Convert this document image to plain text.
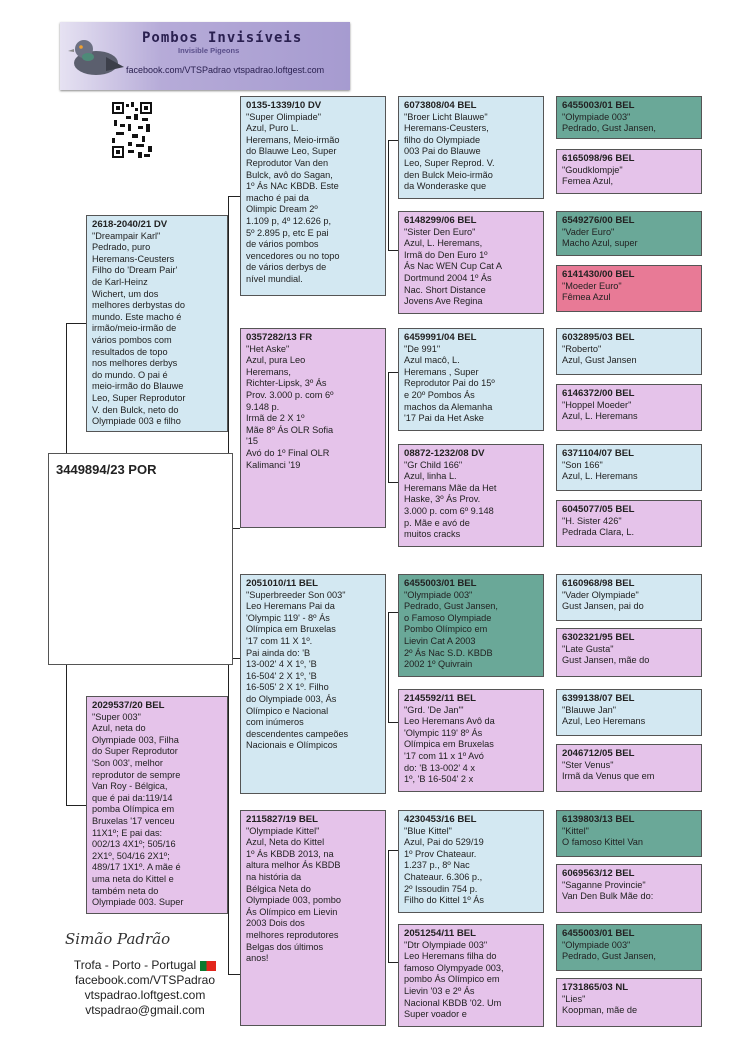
Pombos Invisíveis
Invisible Pigeons
facebook.com/VTSPadrao vtspadrao.loftgest.com
3449894/23 POR
2618-2040/21 DV
"Dreampair Karl"
Pedrado, puro
Heremans-Ceusters
Filho do 'Dream Pair'
de Karl-Heinz
Wichert, um dos
melhores derbystas do
mundo. Este macho é
irmão/meio-irmão de
vários pombos com
resultados de topo
nos melhores derbys
do mundo. O pai é
meio-irmão do Blauwe
Leo, Super Reprodutor
V. den Bulck, neto do
Olympiade 003 e filho
2029537/20 BEL
"Super 003"
Azul, neta do
Olympiade 003, Filha
do Super Reprodutor
'Son 003', melhor
reprodutor de sempre
Van Roy - Bélgica,
que é pai da:119/14
pomba Olímpica em
Bruxelas '17 venceu
11X1º; E pai das:
002/13 4X1º; 505/16
2X1º, 504/16 2X1º;
489/17 1X1º. A mãe é
uma neta do Kittel e
também neta do
Olympiade 003. Super
0135-1339/10 DV
"Super Olimpiade"
Azul, Puro L.
Heremans, Meio-irmão
do Blauwe Leo, Super
Reprodutor Van den
Bulck, avô do Sagan,
1º Ás NAc KBDB. Este
macho é pai da
Olimpic Dream 2º
1.109 p, 4º 12.626 p,
5º 2.895 p, etc E pai
de vários pombos
vencedores ou no topo
de vários derbys de
nível mundial.
0357282/13 FR
"Het Aske"
Azul, pura Leo
Heremans,
Richter-Lipsk, 3º Ás
Prov. 3.000 p. com 6º
9.148 p.
Irmã de 2 X 1º
Mãe 8º Ás OLR Sofia
'15
Avó do 1º Final OLR
Kalimanci '19
2051010/11 BEL
"Superbreeder Son 003"
Leo Heremans Pai da
'Olympic 119' - 8º Ás
Olímpica em Bruxelas
'17 com 11 X 1º.
Pai ainda do: 'B
13-002' 4 X 1º, 'B
16-504' 2 X 1º, 'B
16-505' 2 X 1º. Filho
do Olympiade 003, Ás
Olímpico e Nacional
com inúmeros
descendentes campeões
Nacionais e Olímpicos
2115827/19 BEL
"Olympiade Kittel"
Azul, Neta do Kittel
1º Ás KBDB 2013, na
altura melhor Ás KBDB
na história da
Bélgica Neta do
Olympiade 003, pombo
Ás Olímpico em Lievin
2003 Dois dos
melhores reprodutores
Belgas dos últimos
anos!
6073808/04 BEL
"Broer Licht Blauwe"
Heremans-Ceusters,
filho do Olympiade
003 Pai do Blauwe
Leo, Super Reprod. V.
den Bulck Meio-irmão
da Wonderaske que
6148299/06 BEL
"Sister Den Euro"
Azul, L. Heremans,
Irmã do Den Euro 1º
Ás Nac WEN Cup Cat A
Dortmund 2004 1º Ás
Nac. Short Distance
Jovens Ave Regina
6459991/04 BEL
"De 991"
Azul macô, L.
Heremans , Super
Reprodutor Pai do 15º
e 20º Pombos Ás
machos da Alemanha
'17 Pai da Het Aske
08872-1232/08 DV
"Gr Child 166"
Azul, linha L.
Heremans Mãe da Het
Haske, 3º Ás Prov.
3.000 p. com 6º 9.148
p. Mãe e avó de
muitos cracks
6455003/01 BEL
"Olympiade 003"
Pedrado, Gust Jansen,
o Famoso Olympiade
Pombo Olímpico em
Lievin Cat A 2003
2º Ás Nac S.D. KBDB
2002 1º Quivrain
2145592/11 BEL
"Grd. 'De Jan'"
Leo Heremans Avô da
'Olympic 119' 8º Ás
Olímpica em Bruxelas
'17 com 11 x 1º Avó
do: 'B 13-002' 4 x
1º, 'B 16-504' 2 x
4230453/16 BEL
"Blue Kittel"
Azul, Pai do 529/19
1º Prov Chateaur.
1.237 p., 8º Nac
Chateaur. 6.306 p.,
2º Issoudin 754 p.
Filho do Kittel 1º Ás
2051254/11 BEL
"Dtr Olympiade 003"
Leo Heremans filha do
famoso Olympyade 003,
pombo Ás Olímpico em
Lievin '03 e 2º Ás
Nacional KBDB '02. Um
Super voador e
6455003/01 BEL
"Olympiade 003"
Pedrado, Gust Jansen,
6165098/96 BEL
"Goudklompje"
Femea Azul,
6549276/00 BEL
"Vader Euro"
Macho Azul, super
6141430/00 BEL
"Moeder Euro"
Fêmea Azul
6032895/03 BEL
"Roberto"
Azul, Gust Jansen
6146372/00 BEL
"Hoppel Moeder"
Azul, L. Heremans
6371104/07 BEL
"Son 166"
Azul, L. Heremans
6045077/05 BEL
"H. Sister 426"
Pedrada Clara, L.
6160968/98 BEL
"Vader Olympiade"
Gust Jansen, pai do
6302321/95 BEL
"Late Gusta"
Gust Jansen, mãe do
6399138/07 BEL
"Blauwe Jan"
Azul, Leo Heremans
2046712/05 BEL
"Ster Venus"
Irmã da Venus que em
6139803/13 BEL
"Kittel"
O famoso Kittel Van
6069563/12 BEL
"Saganne Provincie"
Van Den Bulk Mãe do:
6455003/01 BEL
"Olympiade 003"
Pedrado, Gust Jansen,
1731865/03 NL
"Lies"
Koopman, mãe de
Simão Padrão
Trofa - Porto - Portugal
facebook.com/VTSPadrao
vtspadrao.loftgest.com
vtspadrao@gmail.com
